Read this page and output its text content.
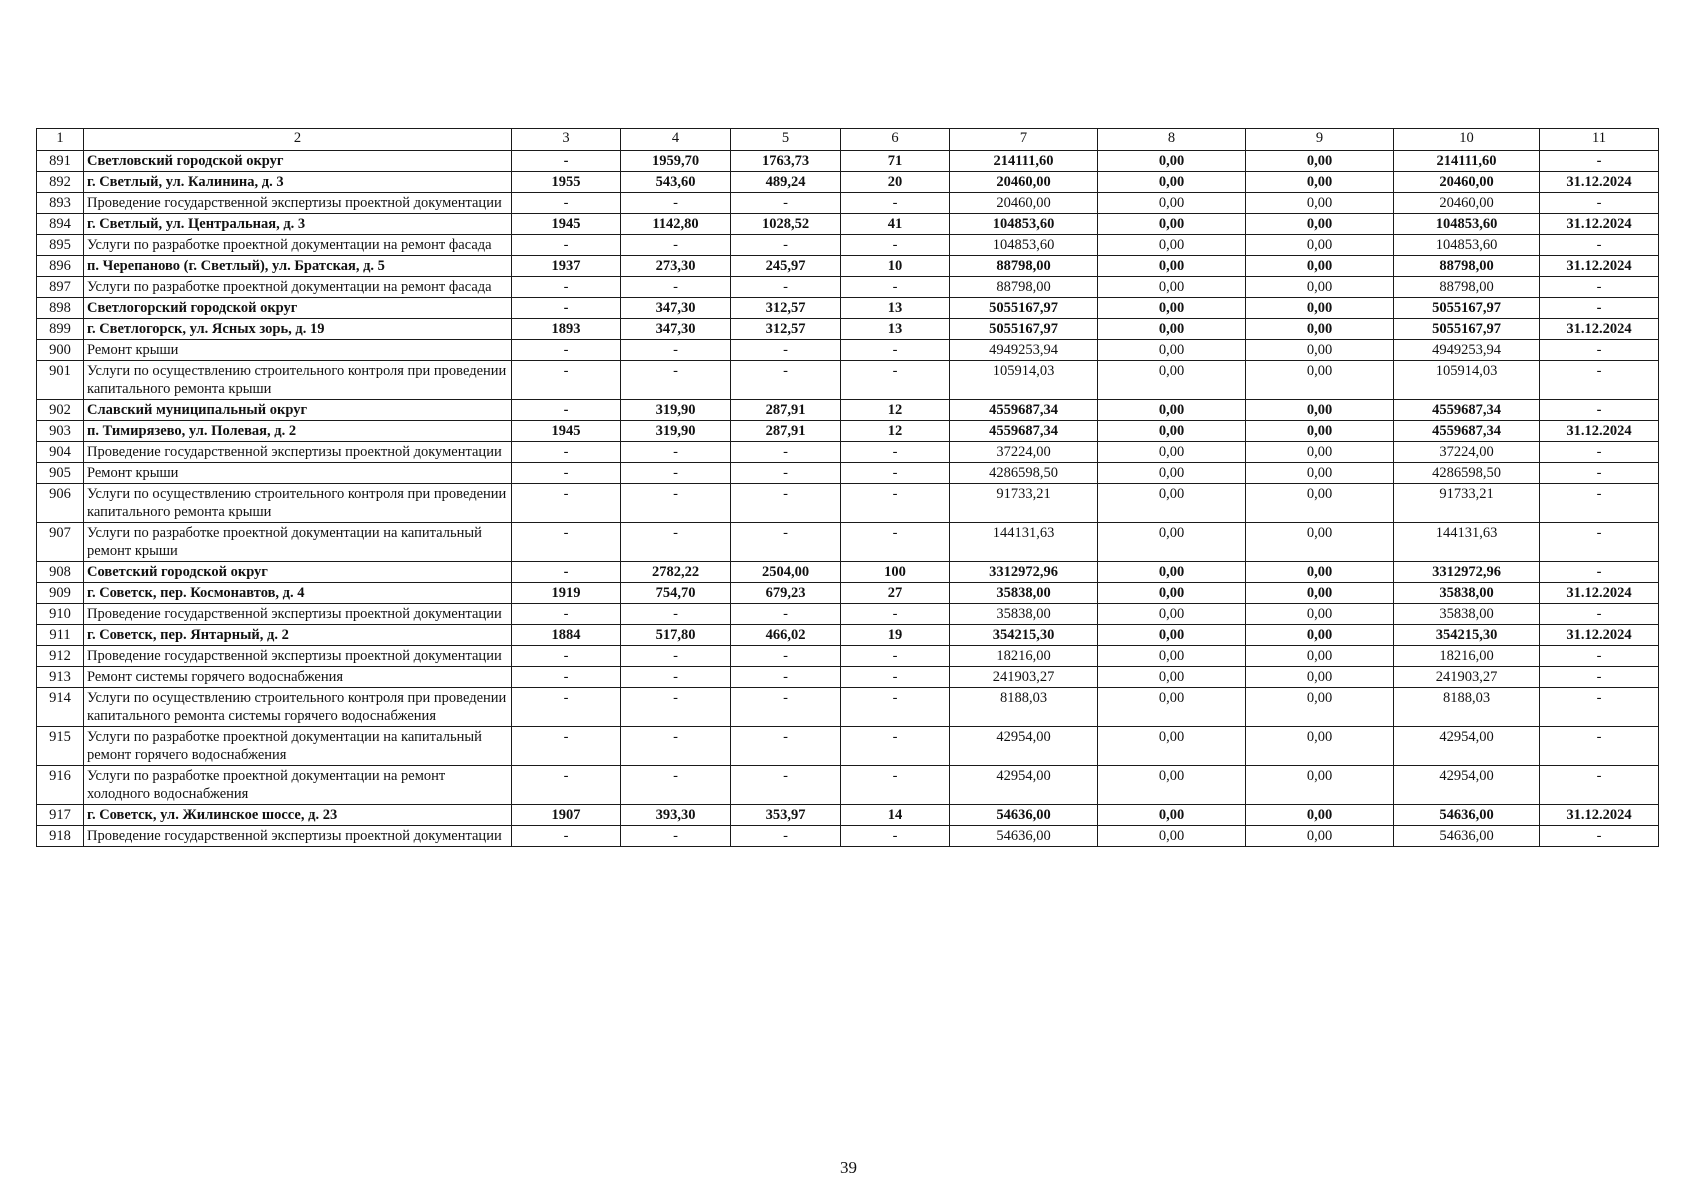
1	2	3	4	5	6	7	8	9	10	11
891	Светловский городской округ	-	1959,70	1763,73	71	214111,60	0,00	0,00	214111,60	-
892	г. Светлый, ул. Калинина, д. 3	1955	543,60	489,24	20	20460,00	0,00	0,00	20460,00	31.12.2024
893	Проведение государственной экспертизы проектной документации	-	-	-	-	20460,00	0,00	0,00	20460,00	-
894	г. Светлый, ул. Центральная, д. 3	1945	1142,80	1028,52	41	104853,60	0,00	0,00	104853,60	31.12.2024
895	Услуги по разработке проектной документации на ремонт фасада	-	-	-	-	104853,60	0,00	0,00	104853,60	-
896	п. Черепаново (г. Светлый), ул. Братская, д. 5	1937	273,30	245,97	10	88798,00	0,00	0,00	88798,00	31.12.2024
897	Услуги по разработке проектной документации на ремонт фасада	-	-	-	-	88798,00	0,00	0,00	88798,00	-
898	Светлогорский городской округ	-	347,30	312,57	13	5055167,97	0,00	0,00	5055167,97	-
899	г. Светлогорск, ул. Ясных зорь, д. 19	1893	347,30	312,57	13	5055167,97	0,00	0,00	5055167,97	31.12.2024
900	Ремонт крыши	-	-	-	-	4949253,94	0,00	0,00	4949253,94	-
901	Услуги по осуществлению строительного контроля при проведении капитального ремонта крыши	-	-	-	-	105914,03	0,00	0,00	105914,03	-
902	Славский муниципальный округ	-	319,90	287,91	12	4559687,34	0,00	0,00	4559687,34	-
903	п. Тимирязево, ул. Полевая, д. 2	1945	319,90	287,91	12	4559687,34	0,00	0,00	4559687,34	31.12.2024
904	Проведение государственной экспертизы проектной документации	-	-	-	-	37224,00	0,00	0,00	37224,00	-
905	Ремонт крыши	-	-	-	-	4286598,50	0,00	0,00	4286598,50	-
906	Услуги по осуществлению строительного контроля при проведении капитального ремонта крыши	-	-	-	-	91733,21	0,00	0,00	91733,21	-
907	Услуги по разработке проектной документации на капитальный ремонт крыши	-	-	-	-	144131,63	0,00	0,00	144131,63	-
908	Советский городской округ	-	2782,22	2504,00	100	3312972,96	0,00	0,00	3312972,96	-
909	г. Советск, пер. Космонавтов, д. 4	1919	754,70	679,23	27	35838,00	0,00	0,00	35838,00	31.12.2024
910	Проведение государственной экспертизы проектной документации	-	-	-	-	35838,00	0,00	0,00	35838,00	-
911	г. Советск, пер. Янтарный, д. 2	1884	517,80	466,02	19	354215,30	0,00	0,00	354215,30	31.12.2024
912	Проведение государственной экспертизы проектной документации	-	-	-	-	18216,00	0,00	0,00	18216,00	-
913	Ремонт системы горячего водоснабжения	-	-	-	-	241903,27	0,00	0,00	241903,27	-
914	Услуги по осуществлению строительного контроля при проведении капитального ремонта системы горячего водоснабжения	-	-	-	-	8188,03	0,00	0,00	8188,03	-
915	Услуги по разработке проектной документации на капитальный ремонт горячего водоснабжения	-	-	-	-	42954,00	0,00	0,00	42954,00	-
916	Услуги по разработке проектной документации на ремонт холодного водоснабжения	-	-	-	-	42954,00	0,00	0,00	42954,00	-
917	г. Советск, ул. Жилинское шоссе, д. 23	1907	393,30	353,97	14	54636,00	0,00	0,00	54636,00	31.12.2024
918	Проведение государственной экспертизы проектной документации	-	-	-	-	54636,00	0,00	0,00	54636,00	-
39
